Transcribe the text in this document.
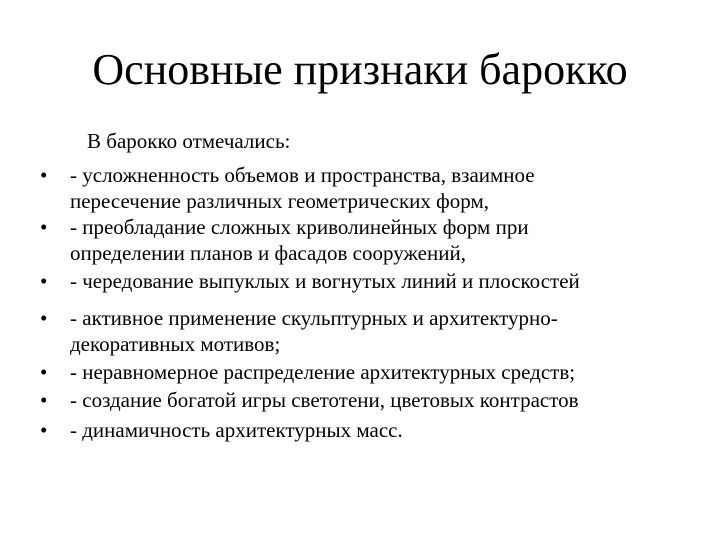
Основные признаки барокко
В барокко отмечались:
• - усложненность объемов и пространства, взаимное
пересечение различных геометрических форм,
• - преобладание сложных криволинейных форм при
определении планов и фасадов сооружений,
• - чередование выпуклых и вогнутых линий и плоскостей
• - активное применение скульптурных и архитектурно-
декоративных мотивов;
• - неравномерное распределение архитектурных средств;
• - создание богатой игры светотени, цветовых контрастов
• - динамичность архитектурных масс.
